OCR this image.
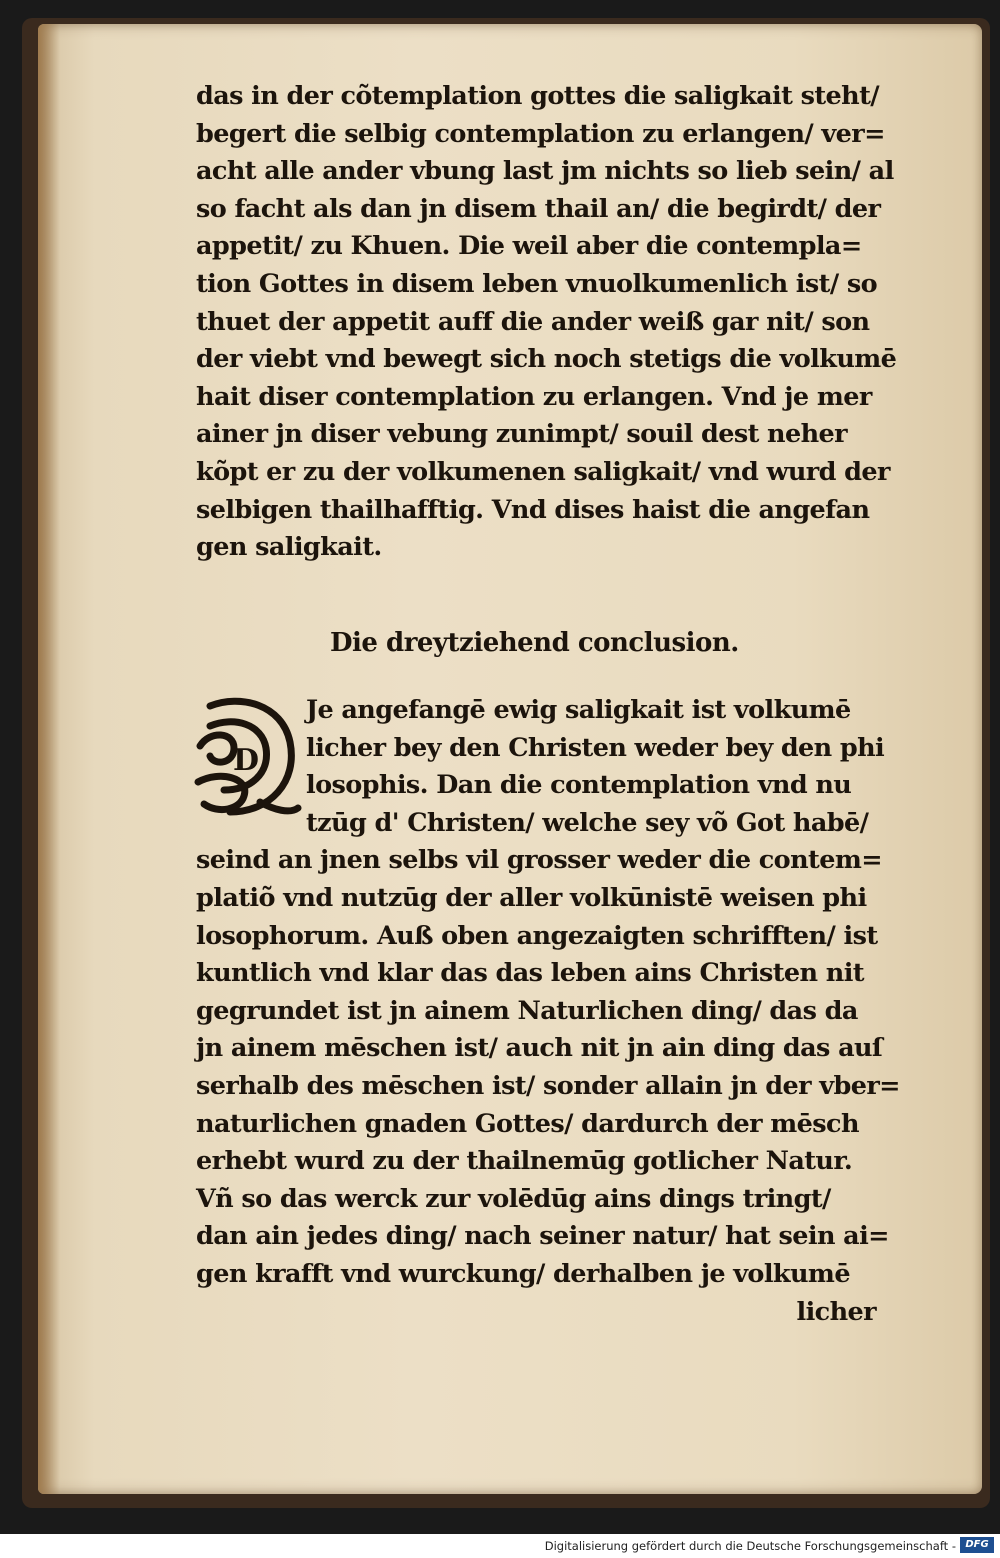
das in der cõtemplation gottes die saligkait steht/
begert die selbig contemplation zu erlangen/ ver=
acht alle ander vbung last jm nichts so lieb sein/ al
so facht als dan jn disem thail an/ die begirdt/ der
appetit/ zu Khuen. Die weil aber die contempla=
tion Gottes in disem leben vnuolkumenlich ist/ so
thuet der appetit auff die ander weiß gar nit/ son
der viebt vnd bewegt sich noch stetigs die volkumē
hait diser contemplation zu erlangen. Vnd je mer
ainer jn diser vebung zunimpt/ souil dest neher
kõpt er zu der volkumenen saligkait/ vnd wurd der
selbigen thailhafftig. Vnd dises haist die angefan
gen saligkait.
Die dreytziehend conclusion.
D
Je angefangē ewig saligkait ist volkumē
licher bey den Christen weder bey den phi
losophis. Dan die contemplation vnd nu
tzūg d' Christen/ welche sey võ Got habē/
seind an jnen selbs vil grosser weder die contem=
platiõ vnd nutzūg der aller volkūnistē weisen phi
losophorum. Auß oben angezaigten schrifften/ ist
kuntlich vnd klar das das leben ains Christen nit
gegrundet ist jn ainem Naturlichen ding/ das da
jn ainem mēschen ist/ auch nit jn ain ding das auſ
serhalb des mēschen ist/ sonder allain jn der vber=
naturlichen gnaden Gottes/ dardurch der mēsch
erhebt wurd zu der thailnemūg gotlicher Natur.
Vñ so das werck zur volēdūg ains dings tringt/
dan ain jedes ding/ nach seiner natur/ hat sein ai=
gen krafft vnd wurckung/ derhalben je volkumē
licher
Digitalisierung gefördert durch die Deutsche Forschungsgemeinschaft - DFG
